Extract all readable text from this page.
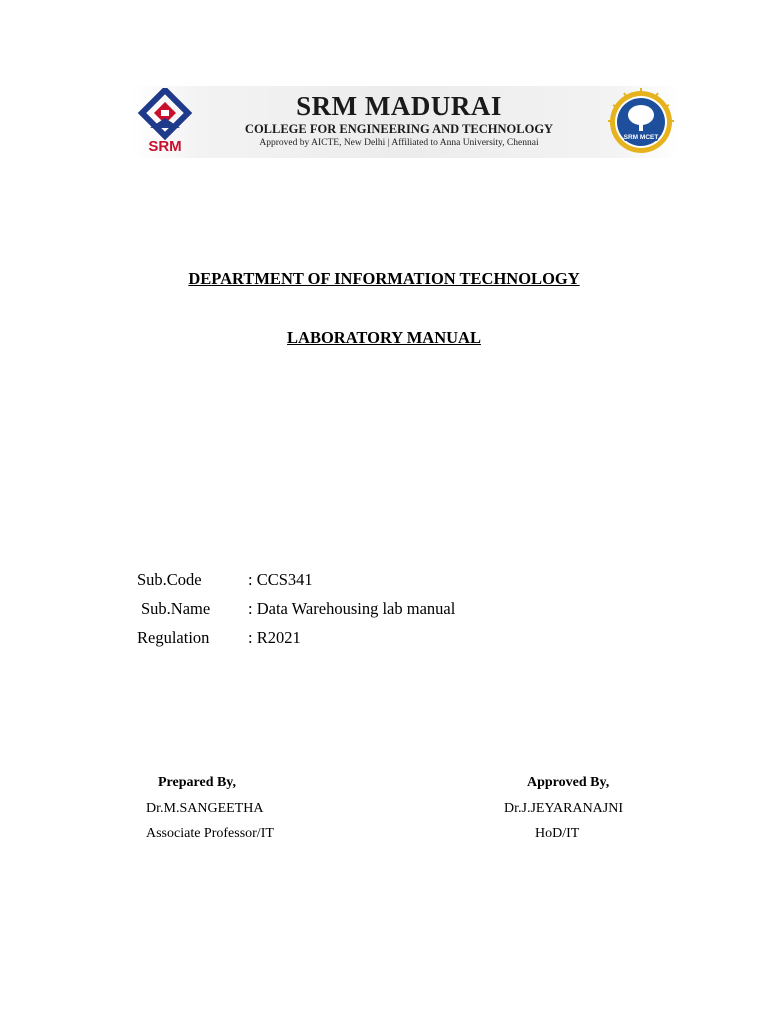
SRM
SRM MADURAI
COLLEGE FOR ENGINEERING AND TECHNOLOGY
Approved by AICTE, New Delhi | Affiliated to Anna University, Chennai
SRM MCET
DEPARTMENT OF INFORMATION TECHNOLOGY
LABORATORY MANUAL
Sub.Code	: CCS341
Sub.Name : Data Warehousing lab manual
Regulation : R2021
Prepared By,
Dr.M.SANGEETHA
Associate Professor/IT
Approved By,
Dr.J.JEYARANAJNI
HoD/IT
